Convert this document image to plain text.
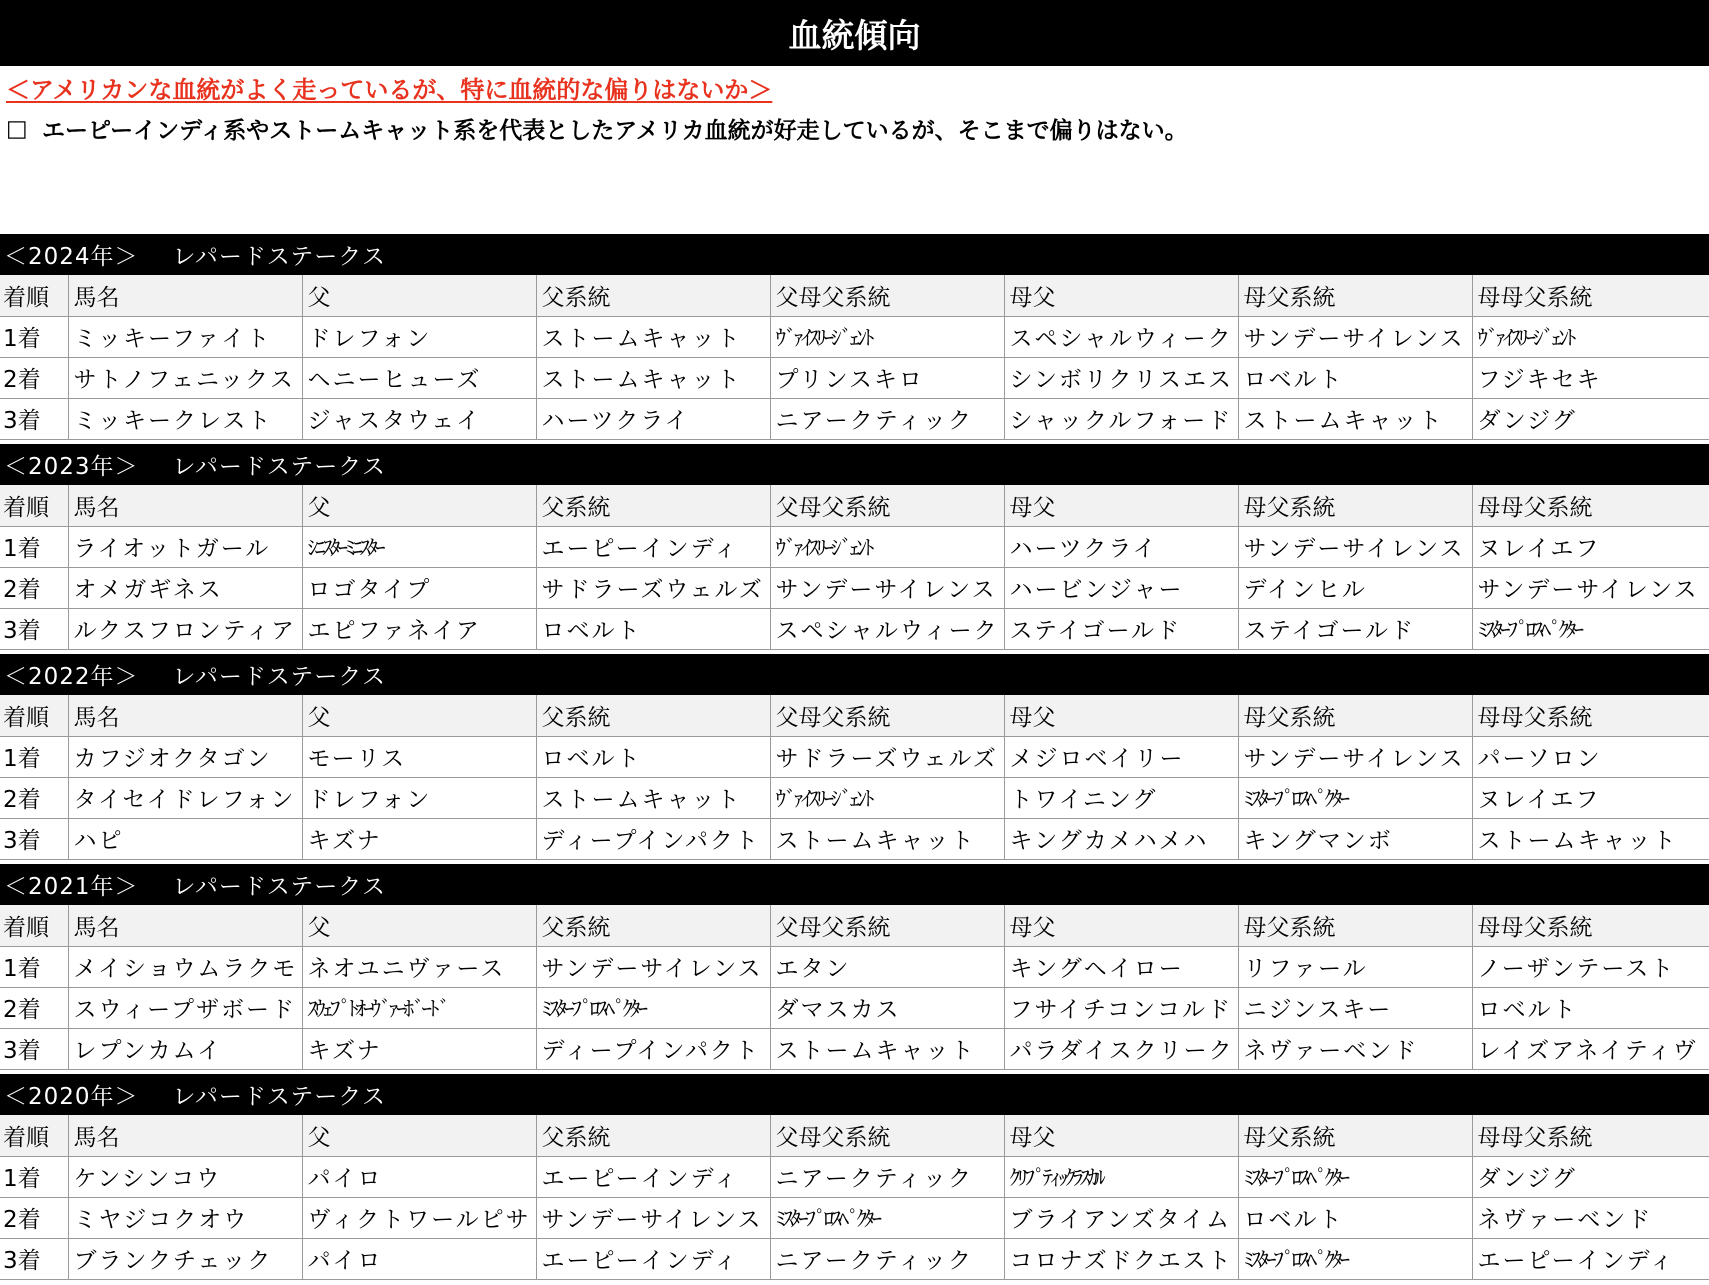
血統傾向
＜アメリカンな血統がよく走っているが、特に血統的な偏りはないか＞
□ エーピーインディ系やストームキャット系を代表としたアメリカ血統が好走しているが、そこまで偏りはない。
＜2024年＞ レパードステークス
着順	馬名	父	父系統	父母父系統	母父	母父系統	母母父系統
1着	ミッキーファイト	ドレフォン	ストームキャット	ｳﾞｧｲｽﾘｰｼﾞｪﾝﾄ	スペシャルウィーク	サンデーサイレンス	ｳﾞｧｲｽﾘｰｼﾞｪﾝﾄ
2着	サトノフェニックス	ヘニーヒューズ	ストームキャット	プリンスキロ	シンボリクリスエス	ロベルト	フジキセキ
3着	ミッキークレスト	ジャスタウェイ	ハーツクライ	ニアークティック	シャックルフォード	ストームキャット	ダンジグ
＜2023年＞ レパードステークス
着順	馬名	父	父系統	父母父系統	母父	母父系統	母母父系統
1着	ライオットガール	ｼﾆｽﾀｰﾐﾆｽﾀｰ	エーピーインディ	ｳﾞｧｲｽﾘｰｼﾞｪﾝﾄ	ハーツクライ	サンデーサイレンス	ヌレイエフ
2着	オメガギネス	ロゴタイプ	サドラーズウェルズ	サンデーサイレンス	ハービンジャー	デインヒル	サンデーサイレンス
3着	ルクスフロンティア	エピファネイア	ロベルト	スペシャルウィーク	ステイゴールド	ステイゴールド	ﾐｽﾀｰﾌﾟﾛｽﾍﾟｸﾀｰ
＜2022年＞ レパードステークス
着順	馬名	父	父系統	父母父系統	母父	母父系統	母母父系統
1着	カフジオクタゴン	モーリス	ロベルト	サドラーズウェルズ	メジロベイリー	サンデーサイレンス	パーソロン
2着	タイセイドレフォン	ドレフォン	ストームキャット	ｳﾞｧｲｽﾘｰｼﾞｪﾝﾄ	トワイニング	ﾐｽﾀｰﾌﾟﾛｽﾍﾟｸﾀｰ	ヌレイエフ
3着	ハピ	キズナ	ディープインパクト	ストームキャット	キングカメハメハ	キングマンボ	ストームキャット
＜2021年＞ レパードステークス
着順	馬名	父	父系統	父母父系統	母父	母父系統	母母父系統
1着	メイショウムラクモ	ネオユニヴァース	サンデーサイレンス	エタン	キングヘイロー	リファール	ノーザンテースト
2着	スウィープザボード	ｽｳｪﾌﾟﾄｵｰｳﾞｧｰﾎﾞｰﾄﾞ	ﾐｽﾀｰﾌﾟﾛｽﾍﾟｸﾀｰ	ダマスカス	フサイチコンコルド	ニジンスキー	ロベルト
3着	レプンカムイ	キズナ	ディープインパクト	ストームキャット	パラダイスクリーク	ネヴァーベンド	レイズアネイティヴ
＜2020年＞ レパードステークス
着順	馬名	父	父系統	父母父系統	母父	母父系統	母母父系統
1着	ケンシンコウ	パイロ	エーピーインディ	ニアークティック	ｸﾘﾌﾟﾃｨｯｸﾗｽｶﾙ	ﾐｽﾀｰﾌﾟﾛｽﾍﾟｸﾀｰ	ダンジグ
2着	ミヤジコクオウ	ヴィクトワールピサ	サンデーサイレンス	ﾐｽﾀｰﾌﾟﾛｽﾍﾟｸﾀｰ	ブライアンズタイム	ロベルト	ネヴァーベンド
3着	ブランクチェック	パイロ	エーピーインディ	ニアークティック	コロナズドクエスト	ﾐｽﾀｰﾌﾟﾛｽﾍﾟｸﾀｰ	エーピーインディ
